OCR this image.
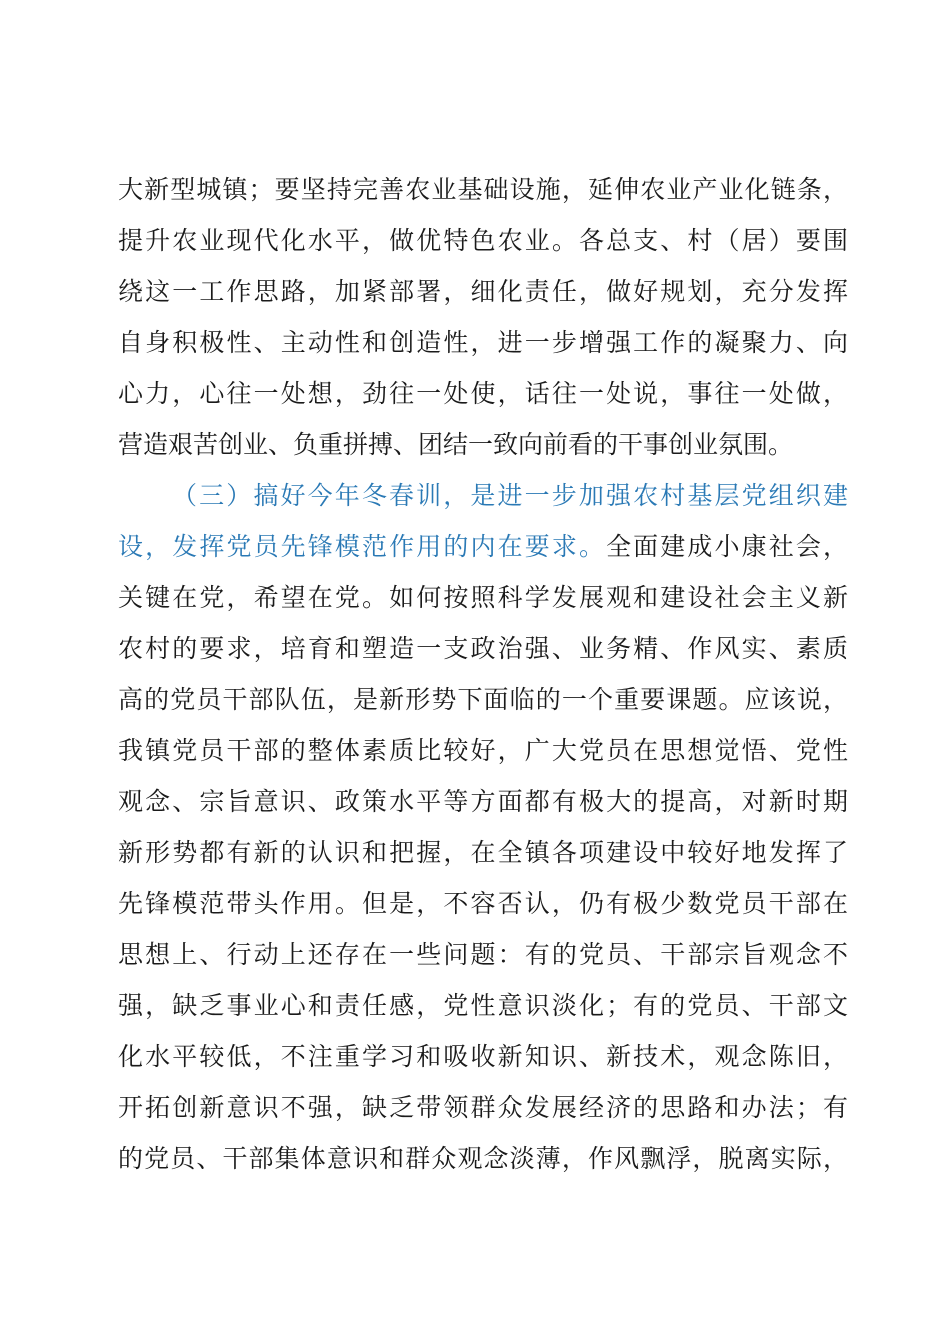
大新型城镇；要坚持完善农业基础设施，延伸农业产业化链条，
提升农业现代化水平，做优特色农业。各总支、村（居）要围
绕这一工作思路，加紧部署，细化责任，做好规划，充分发挥
自身积极性、主动性和创造性，进一步增强工作的凝聚力、向
心力，心往一处想，劲往一处使，话往一处说，事往一处做，
营造艰苦创业、负重拼搏、团结一致向前看的干事创业氛围。
（三）搞好今年冬春训，是进一步加强农村基层党组织建
设，发挥党员先锋模范作用的内在要求。全面建成小康社会，
关键在党，希望在党。如何按照科学发展观和建设社会主义新
农村的要求，培育和塑造一支政治强、业务精、作风实、素质
高的党员干部队伍，是新形势下面临的一个重要课题。应该说，
我镇党员干部的整体素质比较好，广大党员在思想觉悟、党性
观念、宗旨意识、政策水平等方面都有极大的提高，对新时期
新形势都有新的认识和把握，在全镇各项建设中较好地发挥了
先锋模范带头作用。但是，不容否认，仍有极少数党员干部在
思想上、行动上还存在一些问题：有的党员、干部宗旨观念不
强，缺乏事业心和责任感，党性意识淡化；有的党员、干部文
化水平较低，不注重学习和吸收新知识、新技术，观念陈旧，
开拓创新意识不强，缺乏带领群众发展经济的思路和办法；有
的党员、干部集体意识和群众观念淡薄，作风飘浮，脱离实际，
